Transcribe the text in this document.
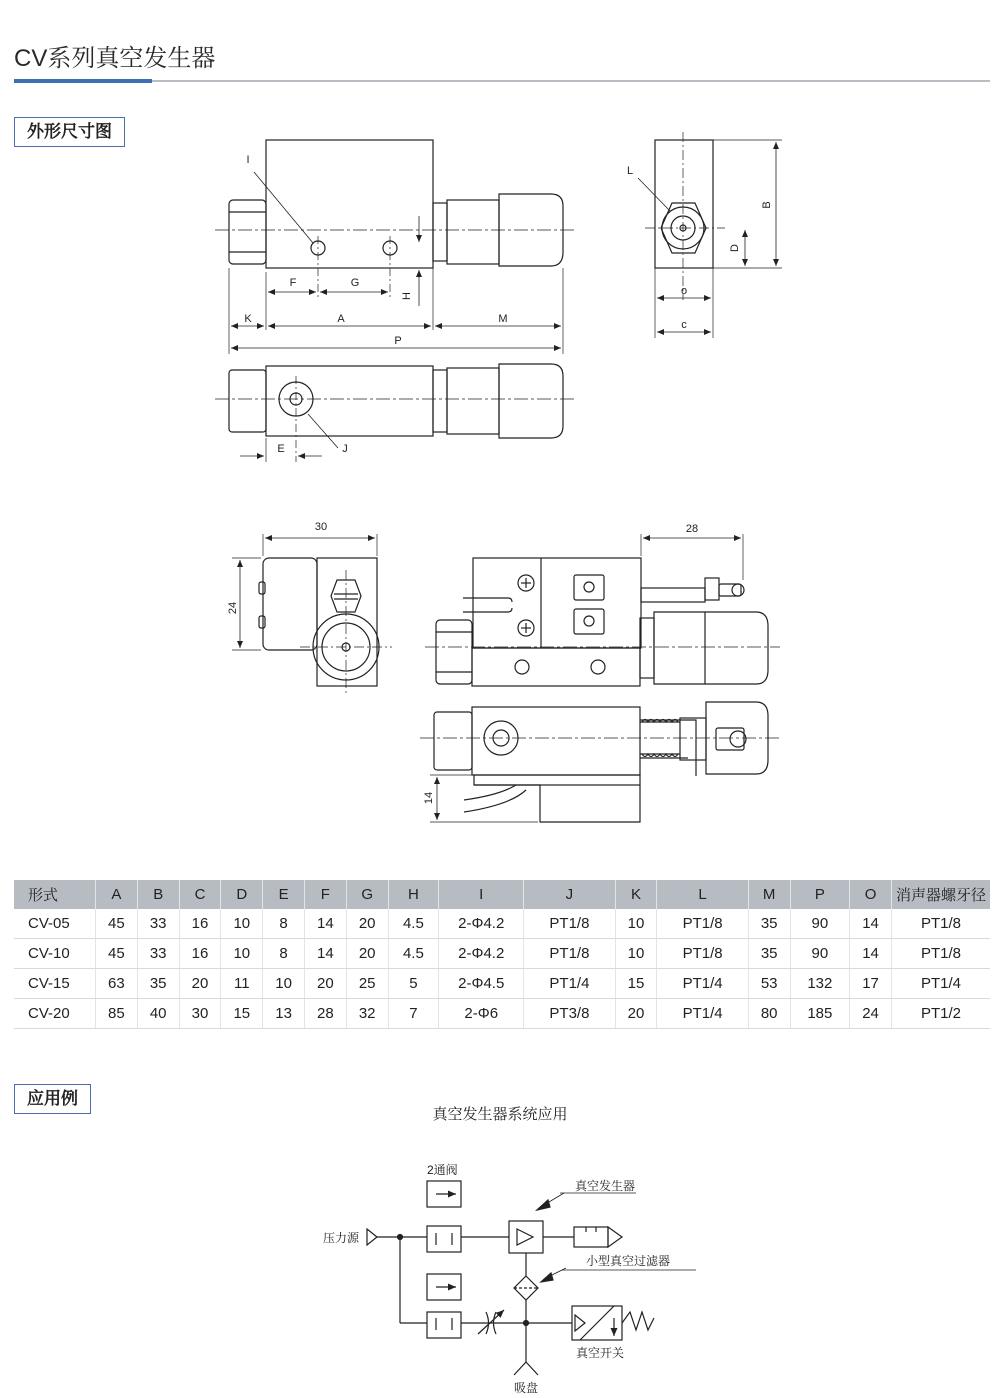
CV系列真空发生器
外形尺寸图
I
F	G
H
K	A	M
P
E	J
L
B
D
o
c
30
24
28
14
形式	A	B	C	D	E	F	G	H	I	J	K	L	M	P	O	消声器螺牙径
CV-05	45	33	16	10	8	14	20	4.5	2-Φ4.2	PT1/8	10	PT1/8	35	90	14	PT1/8
CV-10	45	33	16	10	8	14	20	4.5	2-Φ4.2	PT1/8	10	PT1/8	35	90	14	PT1/8
CV-15	63	35	20	11	10	20	25	5	2-Φ4.5	PT1/4	15	PT1/4	53	132	17	PT1/4
CV-20	85	40	30	15	13	28	32	7	2-Φ6	PT3/8	20	PT1/4	80	185	24	PT1/2
应用例
真空发生器系统应用
2通阀
压力源
真空发生器
小型真空过滤器
真空开关
吸盘
